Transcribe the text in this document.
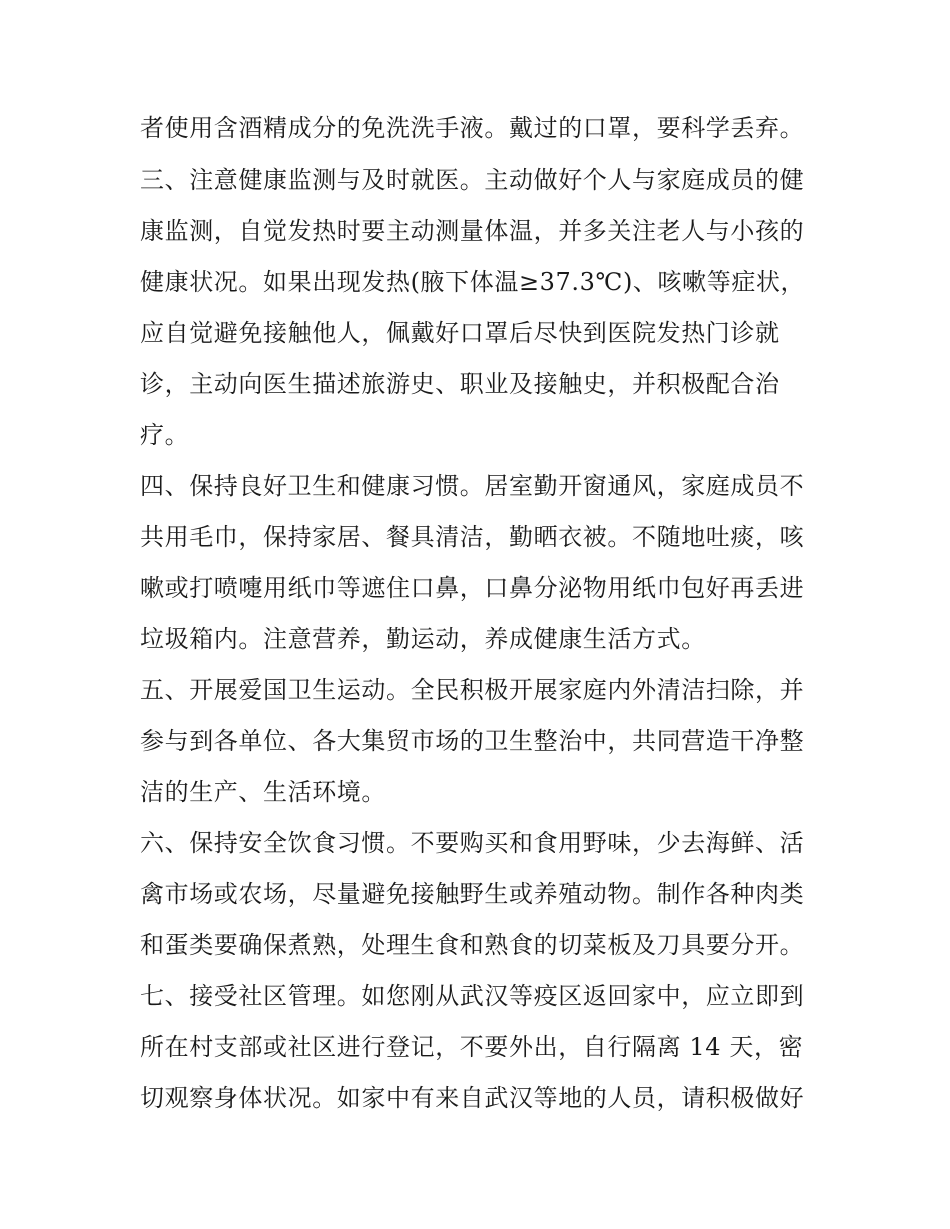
者使用含酒精成分的免洗洗手液。戴过的口罩，要科学丢弃。
三、注意健康监测与及时就医。主动做好个人与家庭成员的健
康监测，自觉发热时要主动测量体温，并多关注老人与小孩的
健康状况。如果出现发热(腋下体温≥37.3℃)、咳嗽等症状，
应自觉避免接触他人，佩戴好口罩后尽快到医院发热门诊就
诊，主动向医生描述旅游史、职业及接触史，并积极配合治
疗。
四、保持良好卫生和健康习惯。居室勤开窗通风，家庭成员不
共用毛巾，保持家居、餐具清洁，勤晒衣被。不随地吐痰，咳
嗽或打喷嚏用纸巾等遮住口鼻，口鼻分泌物用纸巾包好再丢进
垃圾箱内。注意营养，勤运动，养成健康生活方式。
五、开展爱国卫生运动。全民积极开展家庭内外清洁扫除，并
参与到各单位、各大集贸市场的卫生整治中，共同营造干净整
洁的生产、生活环境。
六、保持安全饮食习惯。不要购买和食用野味，少去海鲜、活
禽市场或农场，尽量避免接触野生或养殖动物。制作各种肉类
和蛋类要确保煮熟，处理生食和熟食的切菜板及刀具要分开。
七、接受社区管理。如您刚从武汉等疫区返回家中，应立即到
所在村支部或社区进行登记，不要外出，自行隔离 14 天，密
切观察身体状况。如家中有来自武汉等地的人员，请积极做好
